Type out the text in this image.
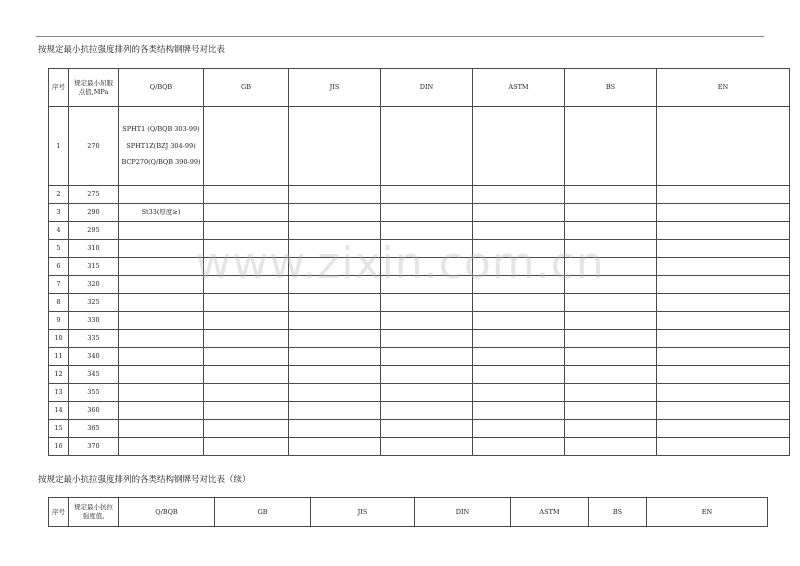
按规定最小抗拉强度排列的各类结构钢牌号对比表
序号	规定最小屈服点值,MPa	Q/BQB	GB	JIS	DIN	ASTM	BS	EN
1	270	SPHT1 (Q/BQB 303-99)

SPHT1Z(BZJ 304-99)

BCP270(Q/BQB 390-99)						

2	275							
3	290	St33(厚度≥)						
4	295							
5	310							
6	315							
7	320							
8	325							
9	330							
10	335							
11	340							
12	345							
13	355							
14	360							
15	365							
16	370							
按规定最小抗拉强度排列的各类结构钢牌号对比表（续）
序号	规定最小抗拉强度值,	Q/BQB	GB	JIS	DIN	ASTM	BS	EN
www.zixin.com.cn
